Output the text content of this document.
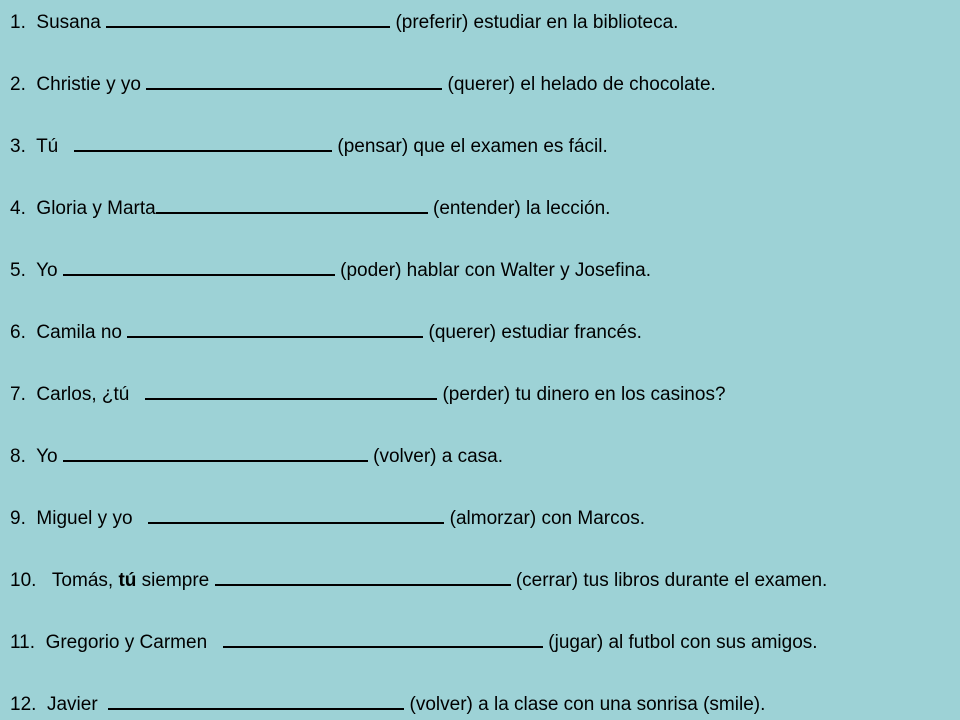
1. Susana	(preferir) estudiar en la biblioteca.
2. Christie y yo	(querer) el helado de chocolate.
3. Tú	(pensar) que el examen es fácil.
4. Gloria y Marta	(entender) la lección.
5. Yo	(poder) hablar con Walter y Josefina.
6. Camila no	(querer) estudiar francés.
7. Carlos, ¿tú	(perder) tu dinero en los casinos?
8. Yo	(volver) a casa.
9. Miguel y yo	(almorzar) con Marcos.
10. Tomás, tú siempre	(cerrar) tus libros durante el examen.
11. Gregorio y Carmen	(jugar) al futbol con sus amigos.
12. Javier	(volver) a la clase con una sonrisa (smile).
